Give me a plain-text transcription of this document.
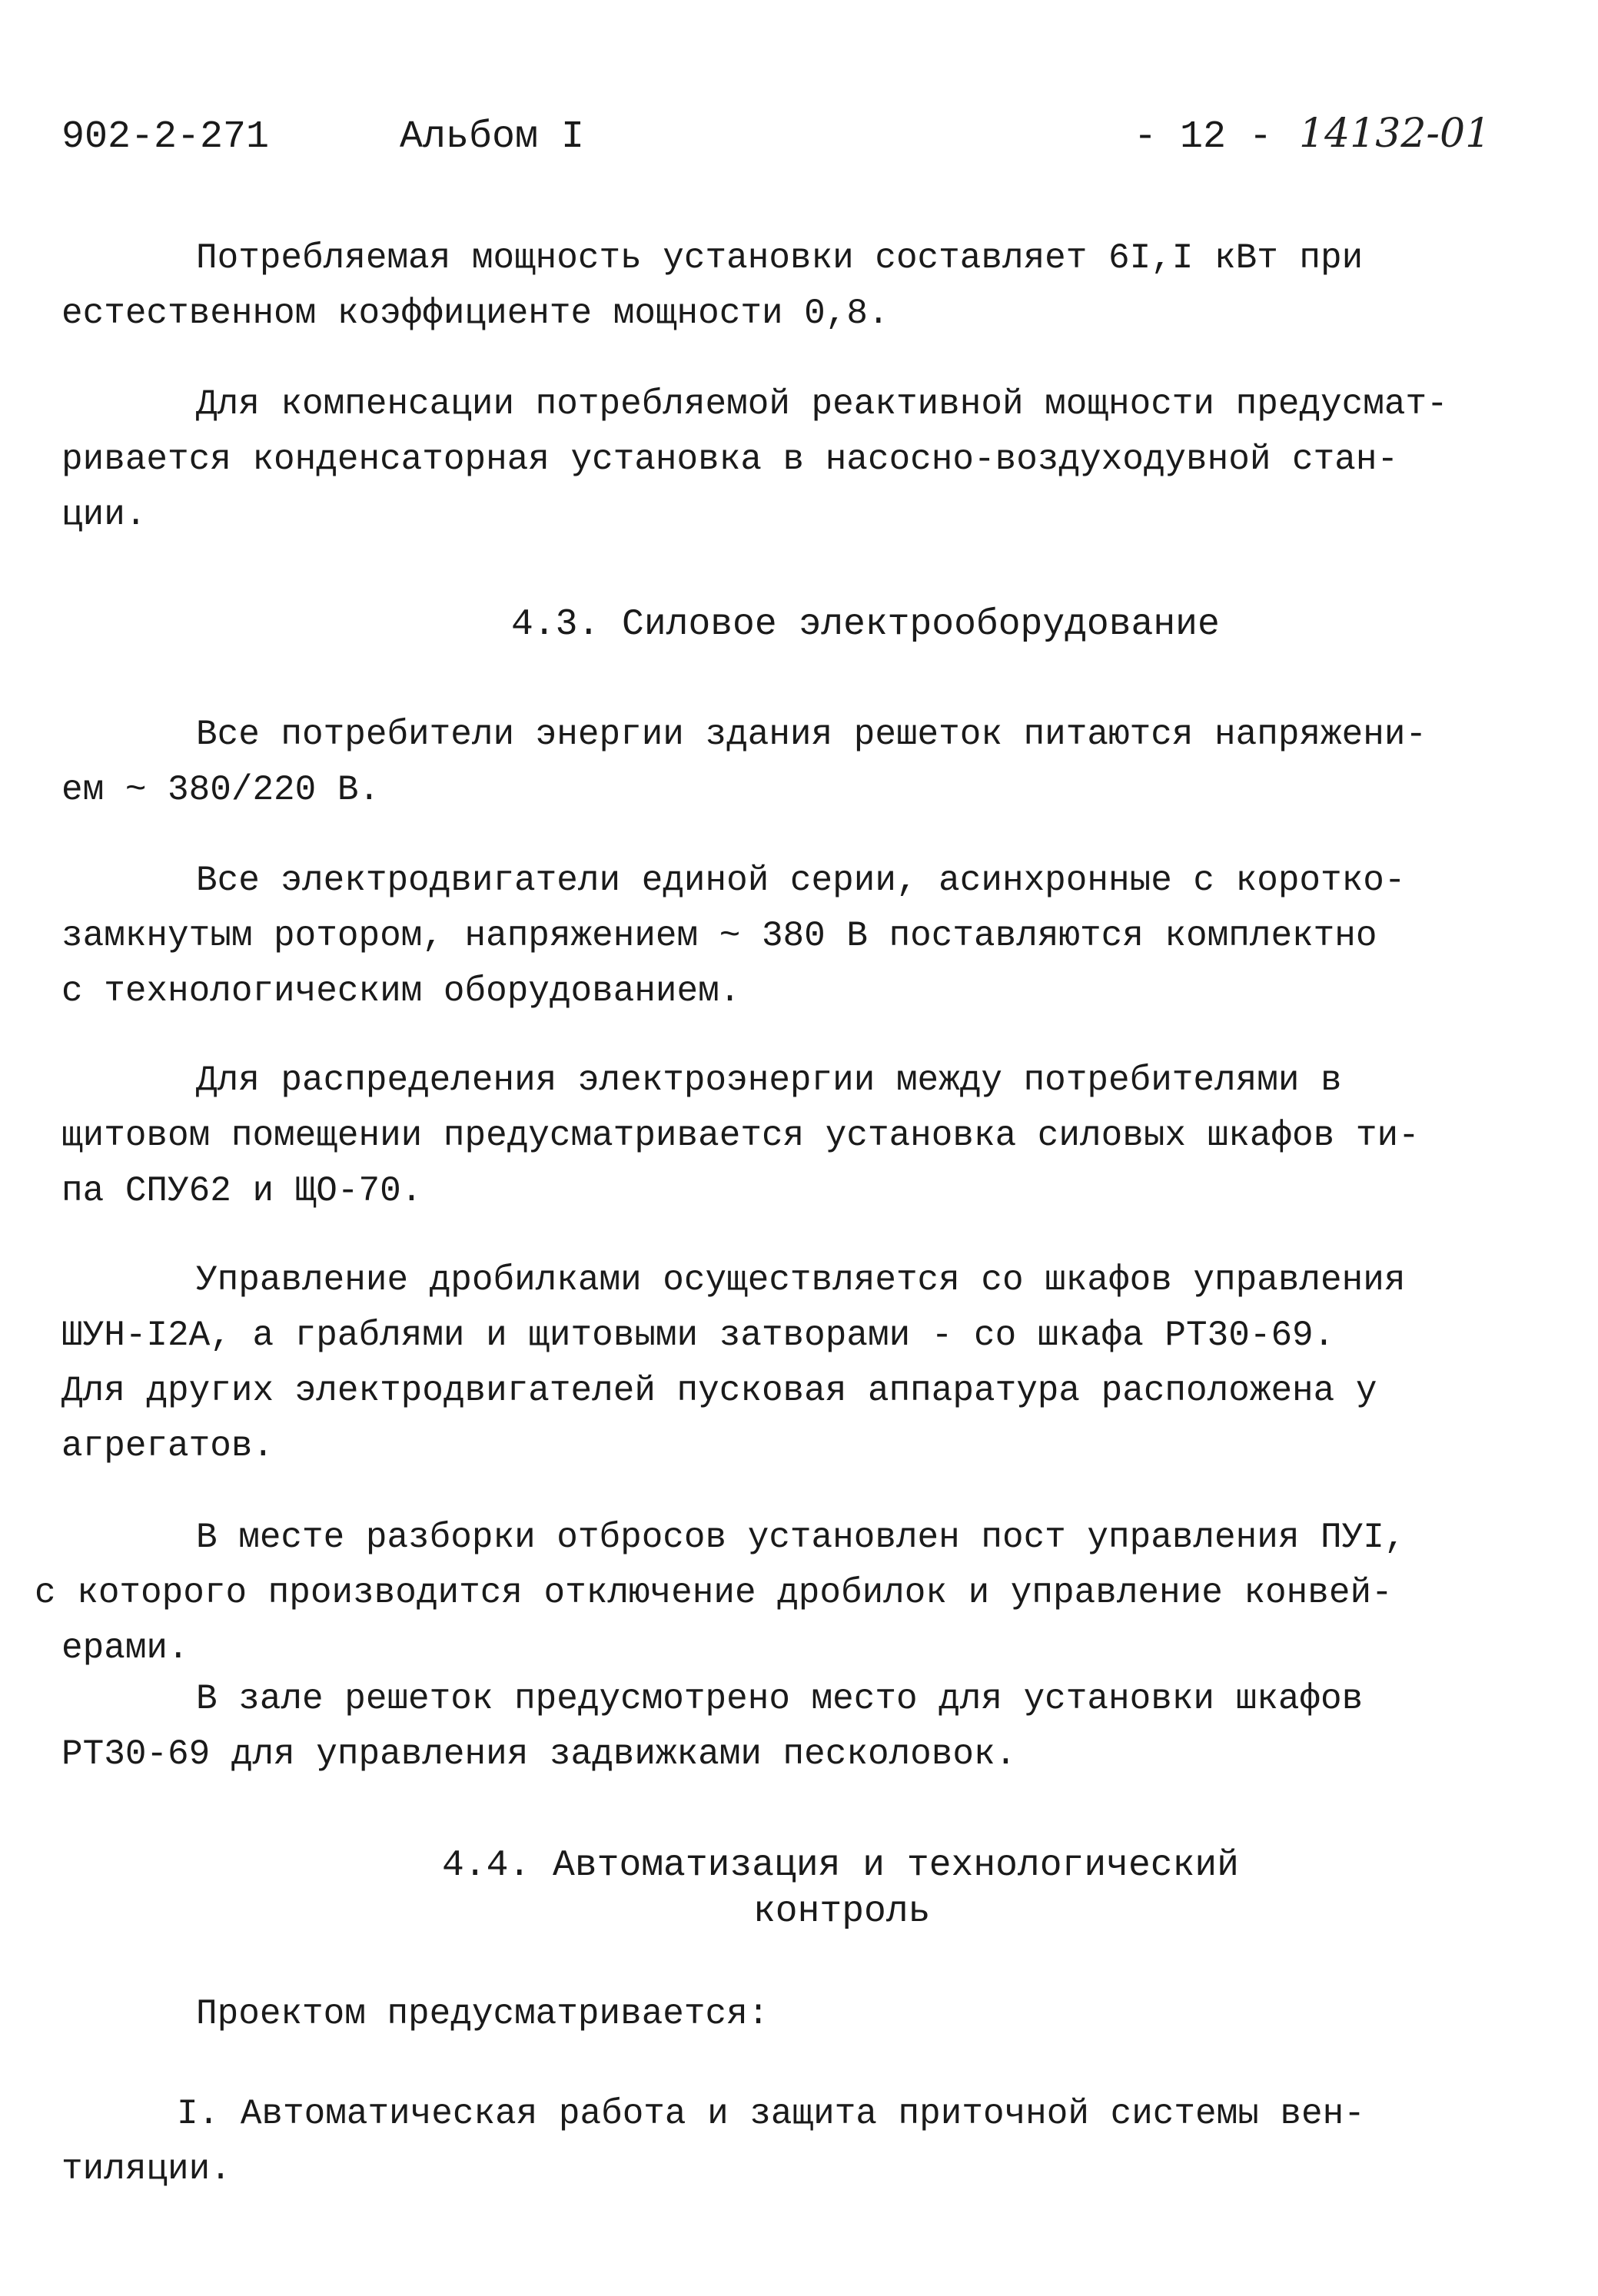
902-2-271	Альбом I	- 12 - 14132-01
Потребляемая мощность установки составляет 6I,I кВт при
естественном коэффициенте мощности 0,8.
Для компенсации потребляемой реактивной мощности предусмат-
ривается конденсаторная установка в насосно-воздуходувной стан-
ции.
4.3. Силовое электрооборудование
Все потребители энергии здания решеток питаются напряжени-
ем ~ 380/220 В.
Все электродвигатели единой серии, асинхронные с коротко-
замкнутым ротором, напряжением ~ 380 В поставляются комплектно
с технологическим оборудованием.
Для распределения электроэнергии между потребителями в
щитовом помещении предусматривается установка силовых шкафов ти-
па СПУ62 и ЩО-70.
Управление дробилками осуществляется со шкафов управления
ШУН-I2А, а граблями и щитовыми затворами - со шкафа РТ30-69.
Для других электродвигателей пусковая аппаратура расположена у
агрегатов.
В месте разборки отбросов установлен пост управления ПУI,
с которого производится отключение дробилок и управление конвей-
ерами.
В зале решеток предусмотрено место для установки шкафов
РТ30-69 для управления задвижками песколовок.
4.4. Автоматизация и технологический
контроль
Проектом предусматривается:
I. Автоматическая работа и защита приточной системы вен-
тиляции.
